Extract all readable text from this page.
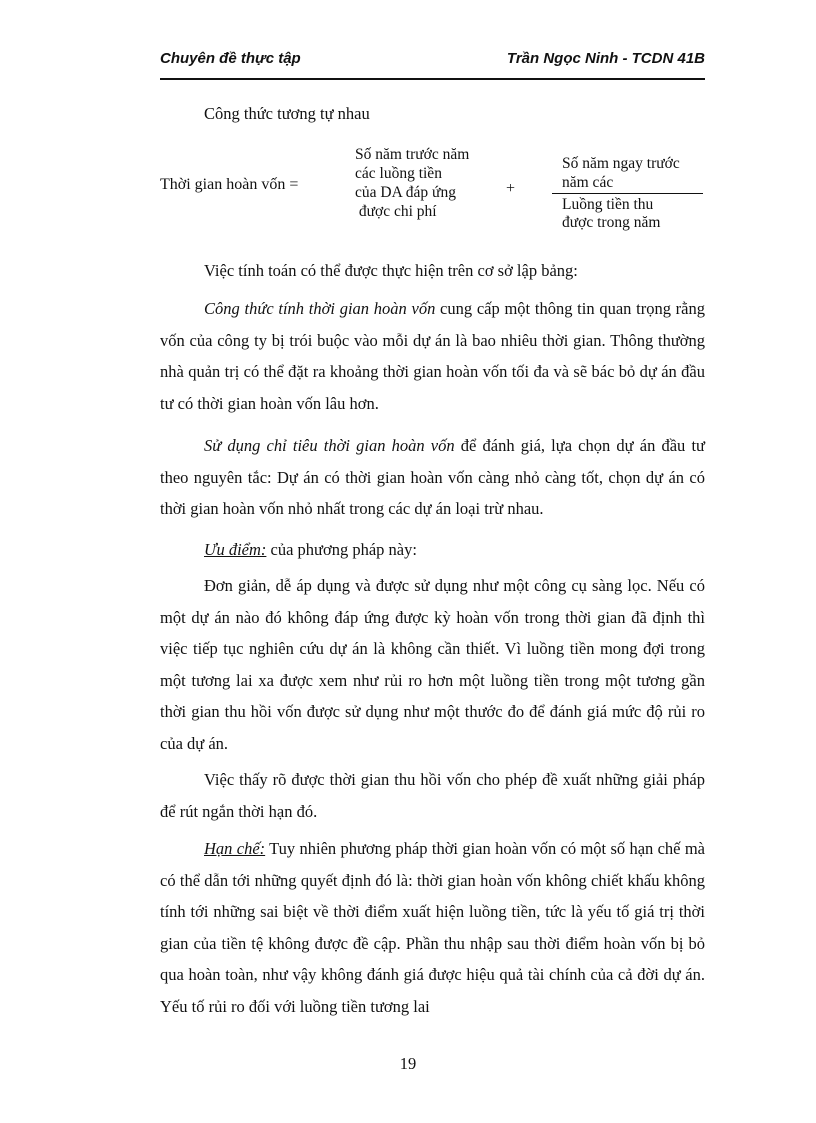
Chuyên đề thực tập	Trần Ngọc Ninh - TCDN 41B
Công thức tương tự nhau
Thời gian hoàn vốn =
Số năm trước năm
các luồng tiền
của DA đáp ứng
được chi phí
+
Số năm ngay trước
năm các
Luồng tiền thu
được trong năm

Việc tính toán có thể được thực hiện trên cơ sở lập bảng:

Công thức tính thời gian hoàn vốn cung cấp một thông tin quan trọng rằng vốn của công ty bị trói buộc vào mỗi dự án là bao nhiêu thời gian. Thông thường nhà quản trị có thể đặt ra khoảng thời gian hoàn vốn tối đa và sẽ bác bỏ dự án đầu tư có thời gian hoàn vốn lâu hơn.

Sử dụng chỉ tiêu thời gian hoàn vốn để đánh giá, lựa chọn dự án đầu tư theo nguyên tắc: Dự án có thời gian hoàn vốn càng nhỏ càng tốt, chọn dự án có thời gian hoàn vốn nhỏ nhất trong các dự án loại trừ nhau.

Ưu điểm: của phương pháp này:

Đơn giản, dễ áp dụng và được sử dụng như một công cụ sàng lọc. Nếu có một dự án nào đó không đáp ứng được kỳ hoàn vốn trong thời gian đã định thì việc tiếp tục nghiên cứu dự án là không cần thiết. Vì luồng tiền mong đợi trong một tương lai xa được xem như rủi ro hơn một luồng tiền trong một tương gần thời gian thu hồi vốn được sử dụng như một thước đo để đánh giá mức độ rủi ro của dự án.

Việc thấy rõ được thời gian thu hồi vốn cho phép đề xuất những giải pháp để rút ngắn thời hạn đó.

Hạn chế: Tuy nhiên phương pháp thời gian hoàn vốn có một số hạn chế mà có thể dẫn tới những quyết định đó là: thời gian hoàn vốn không chiết khấu không tính tới những sai biệt về thời điểm xuất hiện luồng tiền, tức là yếu tố giá trị thời gian của tiền tệ không được đề cập. Phần thu nhập sau thời điểm hoàn vốn bị bỏ qua hoàn toàn, như vậy không đánh giá được hiệu quả tài chính của cả đời dự án. Yếu tố rủi ro đối với luồng tiền tương lai

19
